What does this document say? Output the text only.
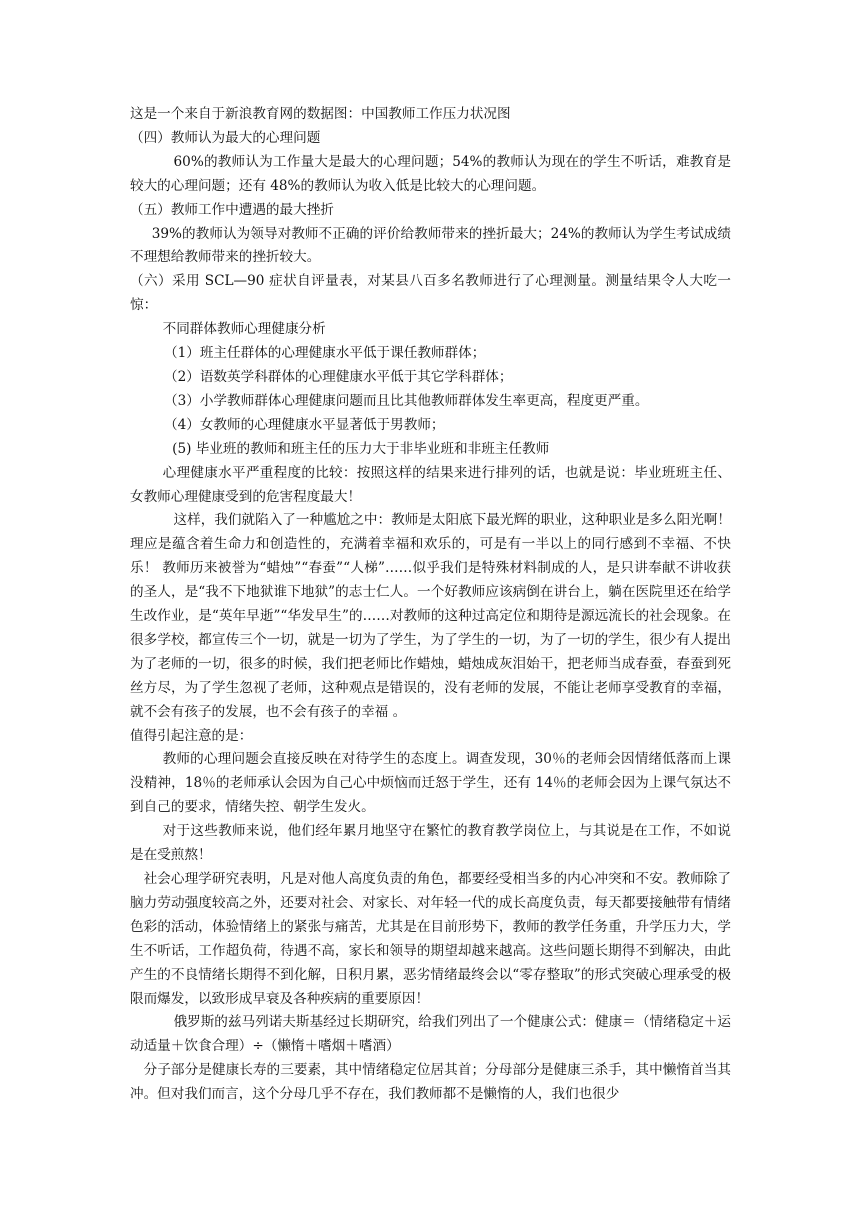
这是一个来自于新浪教育网的数据图：中国教师工作压力状况图

（四）教师认为最大的心理问题

60%的教师认为工作量大是最大的心理问题；54%的教师认为现在的学生不听话，难教育是较大的心理问题；还有 48%的教师认为收入低是比较大的心理问题。

（五）教师工作中遭遇的最大挫折

39%的教师认为领导对教师不正确的评价给教师带来的挫折最大；24%的教师认为学生考试成绩不理想给教师带来的挫折较大。

（六）采用 SCL—90 症状自评量表，对某县八百多名教师进行了心理测量。测量结果令人大吃一惊：

不同群体教师心理健康分析

（1）班主任群体的心理健康水平低于课任教师群体；

（2）语数英学科群体的心理健康水平低于其它学科群体；

（3）小学教师群体心理健康问题而且比其他教师群体发生率更高，程度更严重。

（4）女教师的心理健康水平显著低于男教师；

(5) 毕业班的教师和班主任的压力大于非毕业班和非班主任教师

心理健康水平严重程度的比较：按照这样的结果来进行排列的话，也就是说：毕业班班主任、女教师心理健康受到的危害程度最大！

这样，我们就陷入了一种尴尬之中：教师是太阳底下最光辉的职业，这种职业是多么阳光啊！理应是蕴含着生命力和创造性的，充满着幸福和欢乐的，可是有一半以上的同行感到不幸福、不快乐！ 教师历来被誉为“蜡烛”“春蚕”“人梯”……似乎我们是特殊材料制成的人，是只讲奉献不讲收获的圣人，是“我不下地狱谁下地狱”的志士仁人。一个好教师应该病倒在讲台上，躺在医院里还在给学生改作业，是“英年早逝”“华发早生”的……对教师的这种过高定位和期待是源远流长的社会现象。在很多学校，都宣传三个一切，就是一切为了学生，为了学生的一切，为了一切的学生，很少有人提出为了老师的一切，很多的时候，我们把老师比作蜡烛，蜡烛成灰泪始干，把老师当成春蚕，春蚕到死丝方尽，为了学生忽视了老师，这种观点是错误的，没有老师的发展，不能让老师享受教育的幸福，就不会有孩子的发展，也不会有孩子的幸福 。

值得引起注意的是：

教师的心理问题会直接反映在对待学生的态度上。调查发现，30％的老师会因情绪低落而上课没精神，18％的老师承认会因为自己心中烦恼而迁怒于学生，还有 14％的老师会因为上课气氛达不到自己的要求，情绪失控、朝学生发火。

对于这些教师来说，他们经年累月地坚守在繁忙的教育教学岗位上，与其说是在工作，不如说是在受煎熬！

社会心理学研究表明，凡是对他人高度负责的角色，都要经受相当多的内心冲突和不安。教师除了脑力劳动强度较高之外，还要对社会、对家长、对年轻一代的成长高度负责，每天都要接触带有情绪色彩的活动，体验情绪上的紧张与痛苦，尤其是在目前形势下，教师的教学任务重，升学压力大，学生不听话，工作超负荷，待遇不高，家长和领导的期望却越来越高。这些问题长期得不到解决，由此产生的不良情绪长期得不到化解，日积月累，恶劣情绪最终会以“零存整取”的形式突破心理承受的极限而爆发，以致形成早衰及各种疾病的重要原因！

俄罗斯的兹马列诺夫斯基经过长期研究，给我们列出了一个健康公式：健康＝（情绪稳定＋运动适量＋饮食合理）÷（懒惰＋嗜烟＋嗜酒）

分子部分是健康长寿的三要素，其中情绪稳定位居其首；分母部分是健康三杀手，其中懒惰首当其冲。但对我们而言，这个分母几乎不存在，我们教师都不是懒惰的人，我们也很少
